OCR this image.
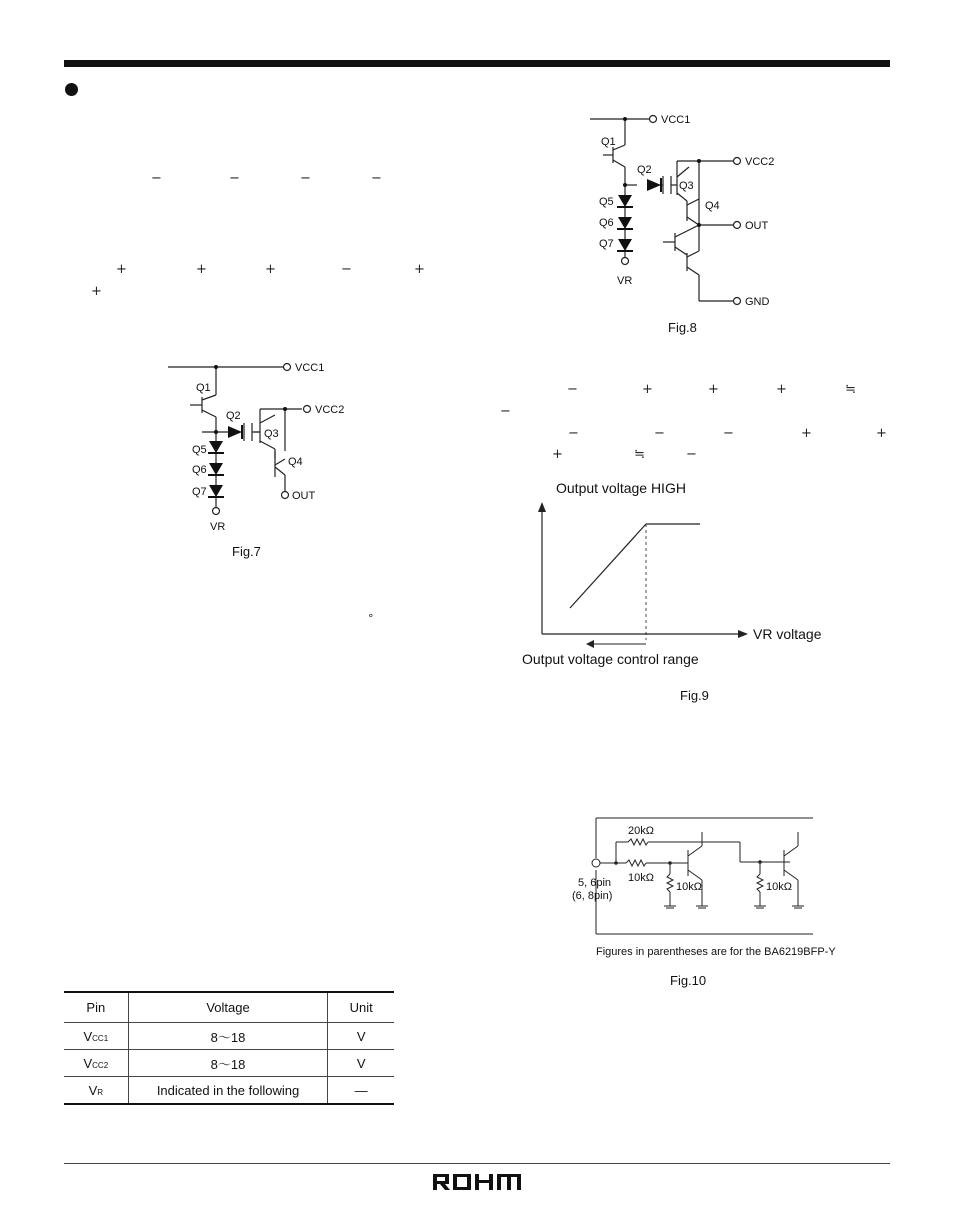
−	−	−	−
+	+	+	−	+
+
°
−	+	+	+	≒
−
−	−	−	+	+
+	≒	−
VCC1
VCC2
Q1
Q2
Q3
Q4
Q5
Q6
Q7
VR
OUT
Fig.7
VCC1
VCC2
Q1
Q2
Q3
Q4
Q5
Q6
Q7
VR
OUT
GND
Fig.8
Output voltage HIGH
VR voltage
Output voltage control range
Fig.9
20kΩ
10kΩ
10kΩ	10kΩ
5, 6pin
(6, 8pin)
Figures in parentheses are for the BA6219BFP-Y
Fig.10
Pin	Voltage	Unit
VCC1	8〜18	V
VCC2	8〜18	V
VR	Indicated in the following	—
